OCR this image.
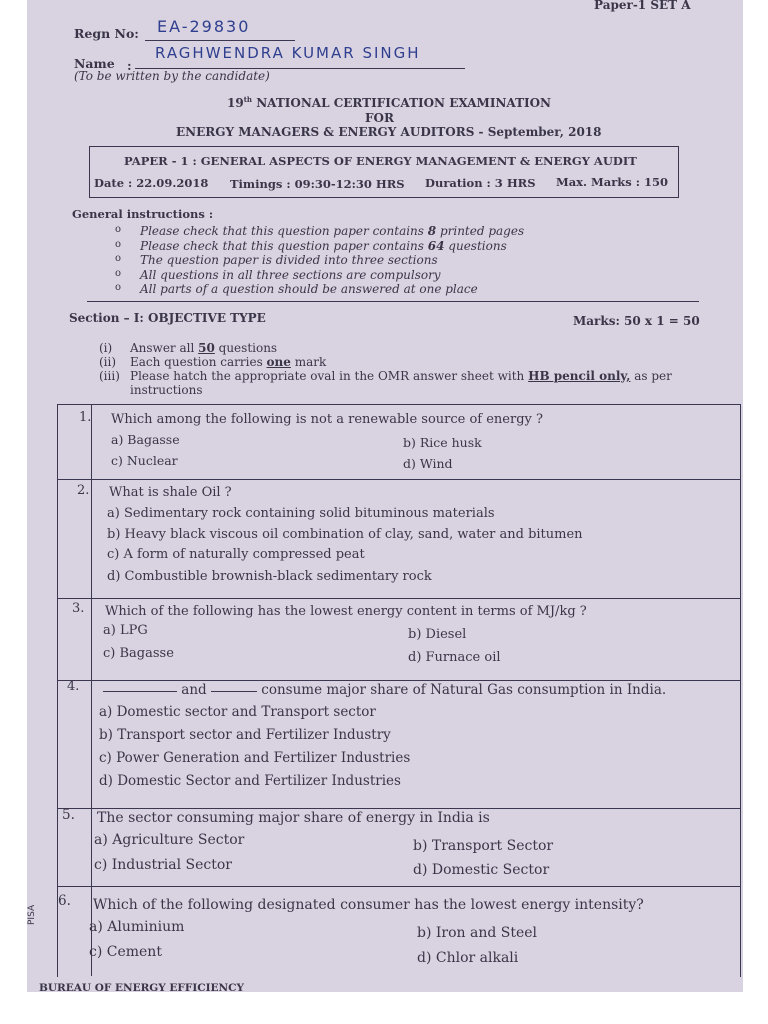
Paper-1 SET A
Regn No: EA-29830
Name :
RAGHWENDRA KUMAR SINGH
(To be written by the candidate)
19th NATIONAL CERTIFICATION EXAMINATION
FOR
ENERGY MANAGERS & ENERGY AUDITORS - September, 2018
PAPER - 1 : GENERAL ASPECTS OF ENERGY MANAGEMENT & ENERGY AUDIT
Date : 22.09.2018 Timings : 09:30-12:30 HRS Duration : 3 HRS Max. Marks : 150
General instructions :
o Please check that this question paper contains 8 printed pages
o Please check that this question paper contains 64 questions
o The question paper is divided into three sections
o All questions in all three sections are compulsory
o All parts of a question should be answered at one place
Section – I: OBJECTIVE TYPE	Marks: 50 x 1 = 50
(i) Answer all 50 questions
(ii) Each question carries one mark
(iii) Please hatch the appropriate oval in the OMR answer sheet with HB pencil only, as per
instructions
1. Which among the following is not a renewable source of energy ?
a) Bagasse	b) Rice husk
c) Nuclear	d) Wind
2. What is shale Oil ?
a) Sedimentary rock containing solid bituminous materials
b) Heavy black viscous oil combination of clay, sand, water and bitumen
c) A form of naturally compressed peat
d) Combustible brownish-black sedimentary rock
3. Which of the following has the lowest energy content in terms of MJ/kg ?
a) LPG	b) Diesel
c) Bagasse	d) Furnace oil
4.	and	consume major share of Natural Gas consumption in India.
a) Domestic sector and Transport sector
b) Transport sector and Fertilizer Industry
c) Power Generation and Fertilizer Industries
d) Domestic Sector and Fertilizer Industries
5. The sector consuming major share of energy in India is
a) Agriculture Sector	b) Transport Sector
c) Industrial Sector	d) Domestic Sector
6. Which of the following designated consumer has the lowest energy intensity?
a) Aluminium	b) Iron and Steel
c) Cement	d) Chlor alkali
PISA
BUREAU OF ENERGY EFFICIENCY
